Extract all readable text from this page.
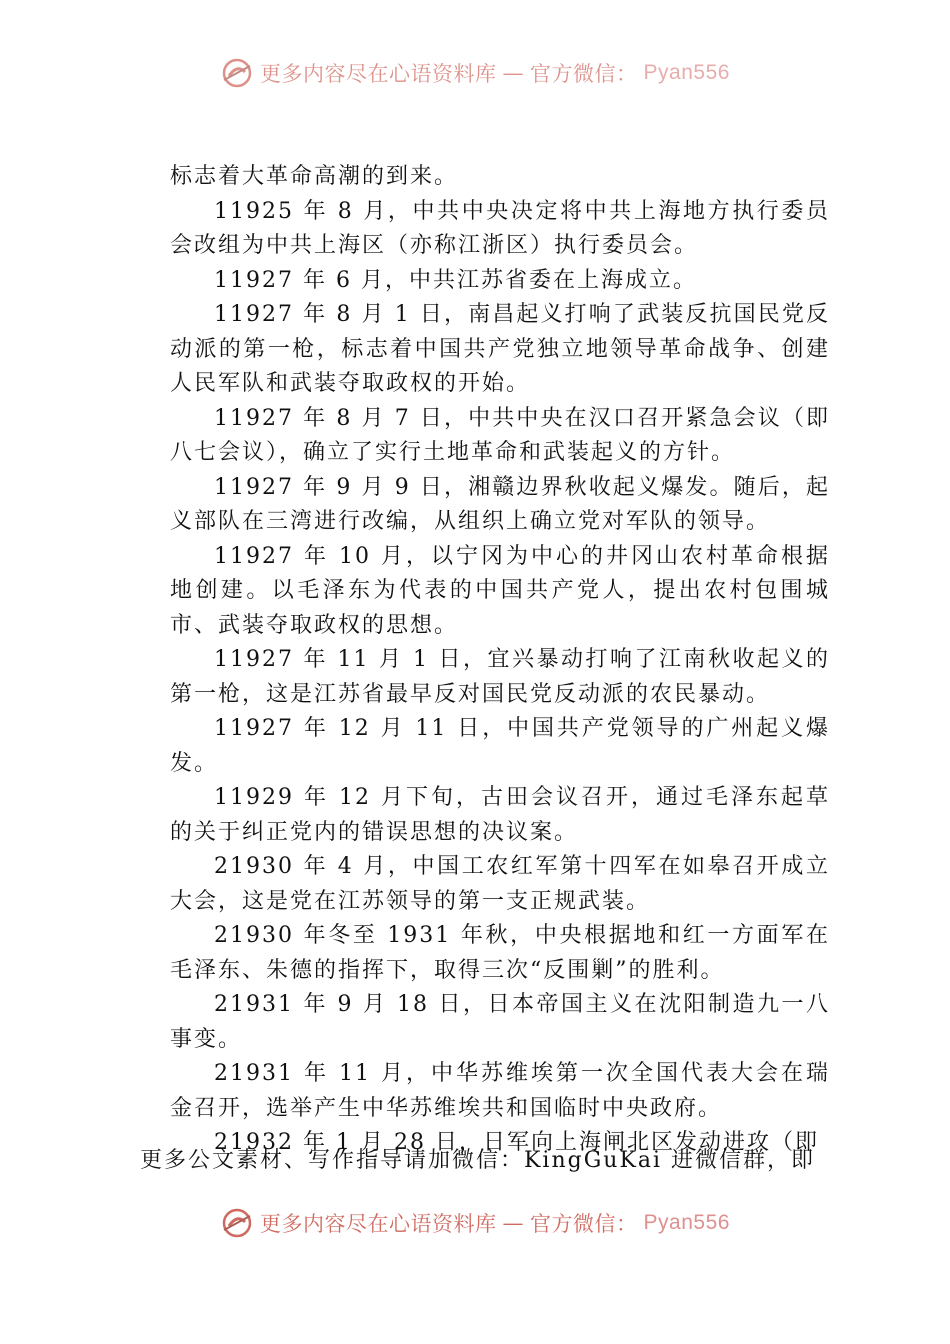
更多内容尽在心语资料库 — 官方微信： Pyan556

标志着大革命高潮的到来。

11925 年 8 月，中共中央决定将中共上海地方执行委员会改组为中共上海区（亦称江浙区）执行委员会。

11927 年 6 月，中共江苏省委在上海成立。

11927 年 8 月 1 日，南昌起义打响了武装反抗国民党反动派的第一枪，标志着中国共产党独立地领导革命战争、创建人民军队和武装夺取政权的开始。

11927 年 8 月 7 日，中共中央在汉口召开紧急会议（即八七会议），确立了实行土地革命和武装起义的方针。

11927 年 9 月 9 日，湘赣边界秋收起义爆发。随后，起义部队在三湾进行改编，从组织上确立党对军队的领导。

11927 年 10 月，以宁冈为中心的井冈山农村革命根据地创建。以毛泽东为代表的中国共产党人，提出农村包围城市、武装夺取政权的思想。

11927 年 11 月 1 日，宜兴暴动打响了江南秋收起义的第一枪，这是江苏省最早反对国民党反动派的农民暴动。

11927 年 12 月 11 日，中国共产党领导的广州起义爆发。

11929 年 12 月下旬，古田会议召开，通过毛泽东起草的关于纠正党内的错误思想的决议案。

21930 年 4 月，中国工农红军第十四军在如皋召开成立大会，这是党在江苏领导的第一支正规武装。

21930 年冬至 1931 年秋，中央根据地和红一方面军在毛泽东、朱德的指挥下，取得三次“反围剿”的胜利。

21931 年 9 月 18 日，日本帝国主义在沈阳制造九一八事变。

21931 年 11 月，中华苏维埃第一次全国代表大会在瑞金召开，选举产生中华苏维埃共和国临时中央政府。

21932 年 1 月 28 日，日军向上海闸北区发动进攻（即

更多公文素材、写作指导请加微信：KingGuKai 进微信群，即
更多内容尽在心语资料库 — 官方微信： Pyan556
